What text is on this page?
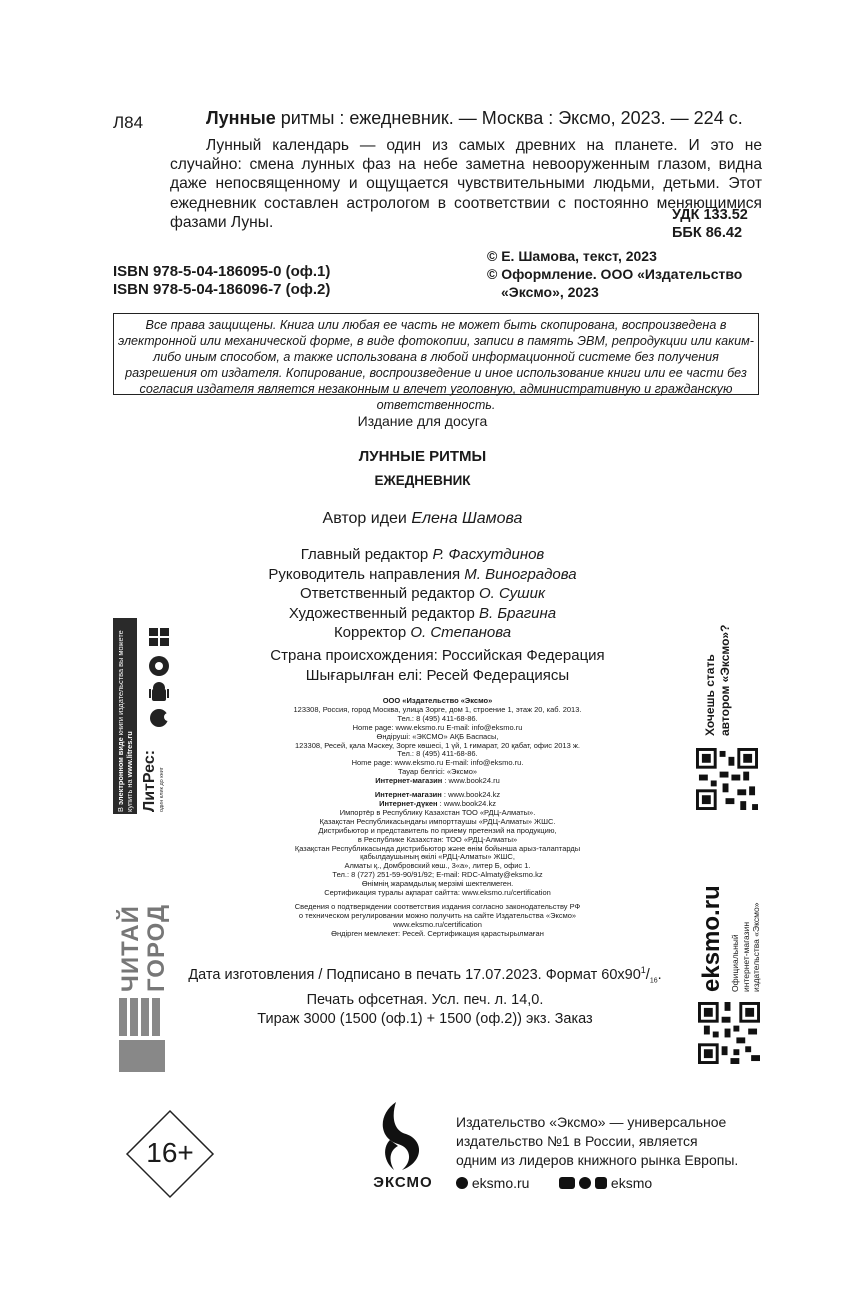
Л84	Лунные ритмы : ежедневник. — Москва : Эксмо, 2023. — 224 с.
Лунный календарь — один из самых древних на планете. И это не случайно: смена лунных фаз на небе заметна невооруженным глазом, видна даже непосвященному и ощущается чувствительными людьми, детьми. Этот ежедневник составлен астрологом в соответствии с постоянно меняющимися фазами Луны.	УДК 133.52
ББК 86.42
ISBN 978-5-04-186095-0 (оф.1)
ISBN 978-5-04-186096-7 (оф.2)
© Е. Шамова, текст, 2023
© Оформление. ООО «Издательство
«Эксмо», 2023
Все права защищены. Книга или любая ее часть не может быть скопирована, воспроизведена в электронной или механической форме, в виде фотокопии, записи в память ЭВМ, репродукции или каким-либо иным способом, а также использована в любой информационной системе без получения разрешения от издателя. Копирование, воспроизведение и иное использование книги или ее части без согласия издателя является незаконным и влечет уголовную, административную и гражданскую ответственность.
Издание для досуга
ЛУННЫЕ РИТМЫ
ЕЖЕДНЕВНИК
Автор идеи Елена Шамова
Главный редактор Р. Фасхутдинов
Руководитель направления М. Виноградова
Ответственный редактор О. Сушик
Художественный редактор В. Брагина
Корректор О. Степанова
Страна происхождения: Российская Федерация
Шығарылған елі: Ресей Федерациясы
ООО «Издательство «Эксмо»
123308, Россия, город Москва, улица Зорге, дом 1, строение 1, этаж 20, каб. 2013.
Тел.: 8 (495) 411-68-86.
Home page: www.eksmo.ru E-mail: info@eksmo.ru
Өндіруші: «ЭКСМО» АҚБ Баспасы,
123308, Ресей, қала Мәскеу, Зорге көшесі, 1 үй, 1 ғимарат, 20 қабат, офис 2013 ж.
Тел.: 8 (495) 411-68-86.
Home page: www.eksmo.ru E-mail: info@eksmo.ru.
Тауар белгісі: «Эксмо»
Интернет-магазин : www.book24.ru
Интернет-магазин : www.book24.kz
Интернет-дүкен : www.book24.kz
Импортёр в Республику Казахстан ТОО «РДЦ-Алматы».
Қазақстан Республикасындағы импорттаушы «РДЦ-Алматы» ЖШС.
Дистрибьютор и представитель по приему претензий на продукцию,
в Республике Казахстан: ТОО «РДЦ-Алматы»
Қазақстан Республикасында дистрибьютор және өнім бойынша арыз-талаптарды
қабылдаушының өкілі «РДЦ-Алматы» ЖШС,
Алматы қ., Домбровский көш., 3«а», литер Б, офис 1.
Тел.: 8 (727) 251-59-90/91/92; E-mail: RDC-Almaty@eksmo.kz
Өнімнің жарамдылық мерзімі шектелмеген.
Сертификация туралы ақпарат сайтта: www.eksmo.ru/certification
Сведения о подтверждении соответствия издания согласно законодательству РФ
о техническом регулировании можно получить на сайте Издательства «Эксмо»
www.eksmo.ru/certification
Өндірген мемлекет: Ресей. Сертификация қарастырылмаған
Дата изготовления / Подписано в печать 17.07.2023. Формат $60x90^1/_{16}$.
Печать офсетная. Усл. печ. л. 14,0.
Тираж 3000 (1500 (оф.1) + 1500 (оф.2)) экз. Заказ
В электронном виде книги издательства вы можете
купить на www.litres.ru ЛитРес: один клик до книг
ЧИТАЙ ГОРОД
Хочешь стать автором «Эксмо»?
eksmo.ru Официальный интернет-магазин издательства «Эксмо»
16+
ЭКСМО
Издательство «Эксмо» — универсальное
издательство №1 в России, является
одним из лидеров книжного рынка Европы.
eksmo.ru	eksmo
